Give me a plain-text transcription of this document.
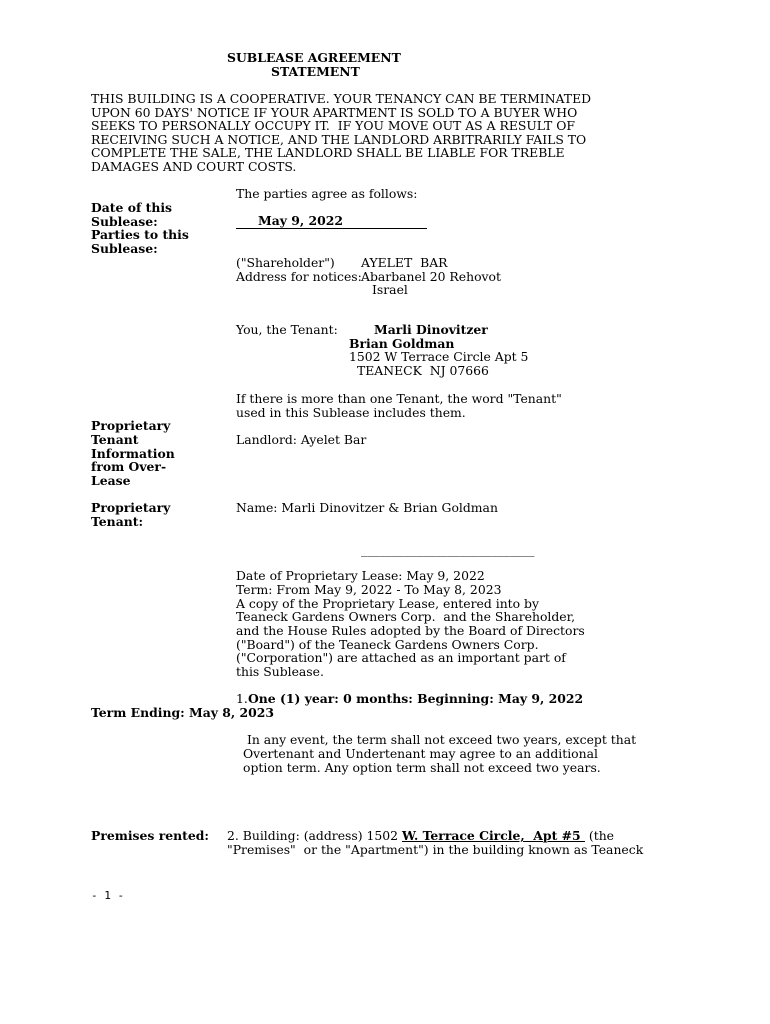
SUBLEASE AGREEMENT
STATEMENT
THIS BUILDING IS A COOPERATIVE. YOUR TENANCY CAN BE TERMINATED
UPON 60 DAYS' NOTICE IF YOUR APARTMENT IS SOLD TO A BUYER WHO
SEEKS TO PERSONALLY OCCUPY IT.  IF YOU MOVE OUT AS A RESULT OF
RECEIVING SUCH A NOTICE, AND THE LANDLORD ARBITRARILY FAILS TO
COMPLETE THE SALE, THE LANDLORD SHALL BE LIABLE FOR TREBLE
DAMAGES AND COURT COSTS.
The parties agree as follows:
Date of this
Sublease:
Parties to this
Sublease:
May 9, 2022
("Shareholder") AYELET  BAR
Address for notices: Abarbanel 20 Rehovot
Israel
You, the Tenant:	Marli Dinovitzer
Brian Goldman
1502 W Terrace Circle Apt 5
TEANECK  NJ 07666
If there is more than one Tenant, the word "Tenant"
used in this Sublease includes them.
Proprietary
Tenant
Information
from Over-
Lease
Landlord: Ayelet Bar
Proprietary
Tenant:
Name: Marli Dinovitzer & Brian Goldman
____________________________
Date of Proprietary Lease: May 9, 2022
Term: From May 9, 2022 - To May 8, 2023
A copy of the Proprietary Lease, entered into by
Teaneck Gardens Owners Corp.  and the Shareholder,
and the House Rules adopted by the Board of Directors
("Board") of the Teaneck Gardens Owners Corp.
("Corporation") are attached as an important part of
this Sublease.
1. One (1) year: 0 months: Beginning: May 9, 2022
Term Ending: May 8, 2023
In any event, the term shall not exceed two years, except that
Overtenant and Undertenant may agree to an additional
option term. Any option term shall not exceed two years.
Premises rented: 2. Building: (address) 1502 W. Terrace Circle,  Apt #5  (the
"Premises"  or the "Apartment") in the building known as Teaneck
- 1 -
